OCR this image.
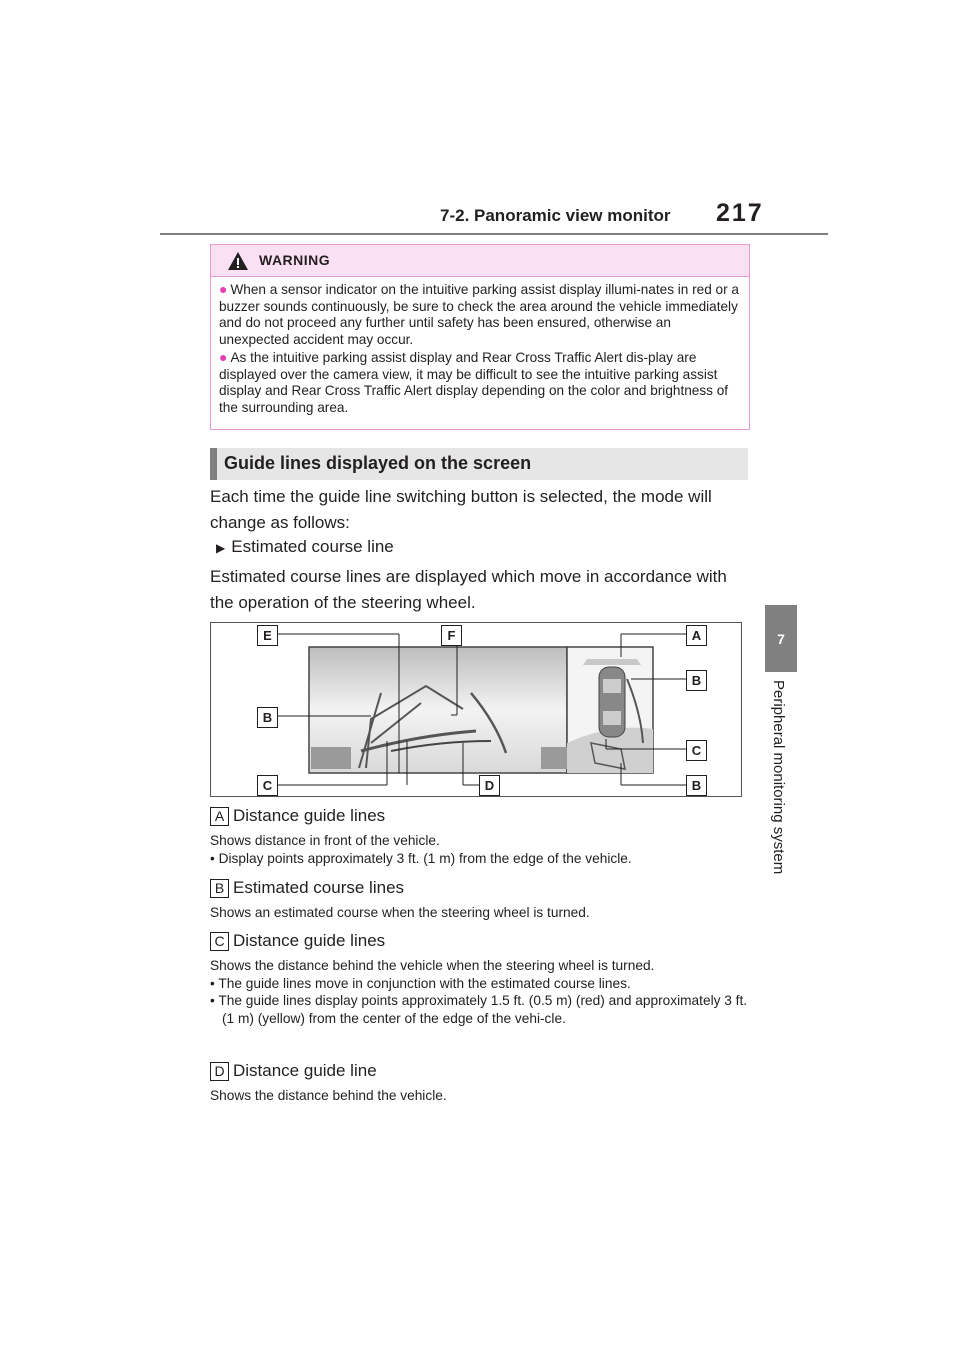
7-2. Panoramic view monitor 217
7
Peripheral monitoring system
WARNING
● When a sensor indicator on the intuitive parking assist display illumi-nates in red or a buzzer sounds continuously, be sure to check the area around the vehicle immediately and do not proceed any further until safety has been ensured, otherwise an unexpected accident may occur.
● As the intuitive parking assist display and Rear Cross Traffic Alert dis-play are displayed over the camera view, it may be difficult to see the intuitive parking assist display and Rear Cross Traffic Alert display depending on the color and brightness of the surrounding area.
Guide lines displayed on the screen
Each time the guide line switching button is selected, the mode will change as follows:
▶ Estimated course line
Estimated course lines are displayed which move in accordance with the operation of the steering wheel.
E	F	A
B
B
C
C	D	B
A Distance guide lines
Shows distance in front of the vehicle.
• Display points approximately 3 ft. (1 m) from the edge of the vehicle.
B Estimated course lines
Shows an estimated course when the steering wheel is turned.
C Distance guide lines
Shows the distance behind the vehicle when the steering wheel is turned.
• The guide lines move in conjunction with the estimated course lines.
• The guide lines display points approximately 1.5 ft. (0.5 m) (red) and approximately 3 ft. (1 m) (yellow) from the center of the edge of the vehi-cle.
D Distance guide line
Shows the distance behind the vehicle.
